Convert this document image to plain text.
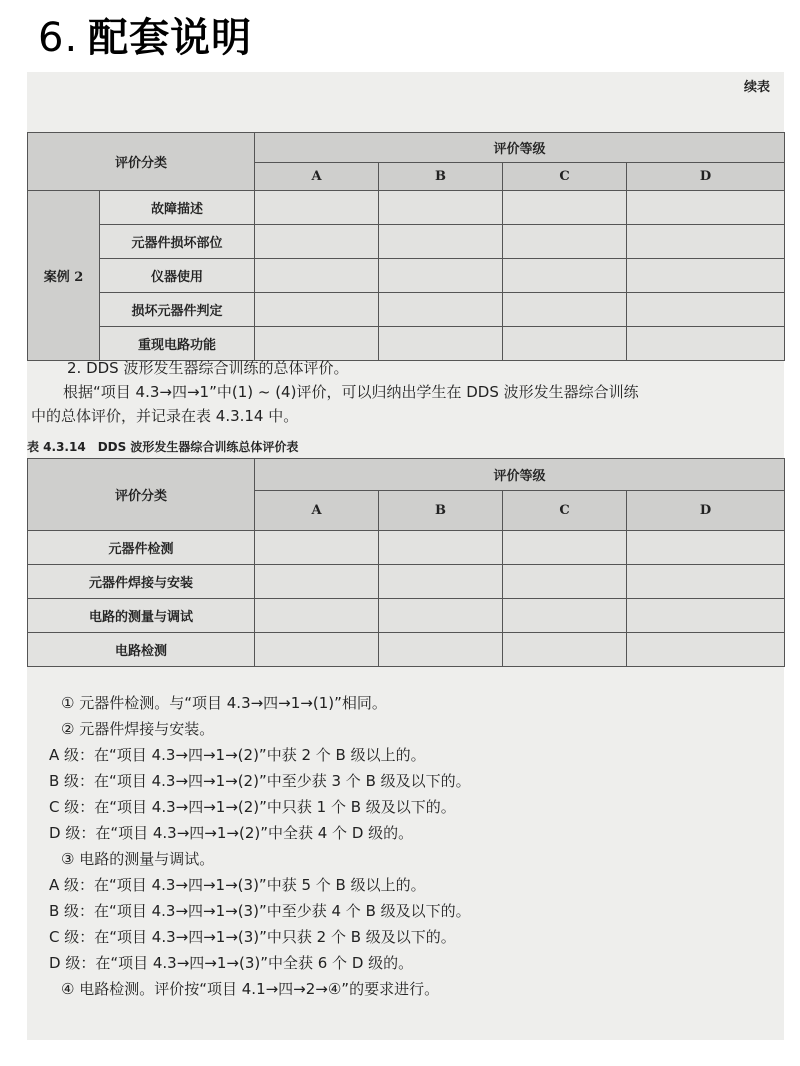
6. 配套说明
续表
评价分类		评价等级			
		A	B	C	D
案例 2	故障描述				
	元器件损坏部位				
	仪器使用				
	损坏元器件判定				
	重现电路功能				
2. DDS 波形发生器综合训练的总体评价。
根据“项目 4.3→四→1”中(1) ~ (4)评价，可以归纳出学生在 DDS 波形发生器综合训练
中的总体评价，并记录在表 4.3.14 中。
表 4.3.14　DDS 波形发生器综合训练总体评价表
评价分类	评价等级			
	A	B	C	D
元器件检测				
元器件焊接与安装				
电路的测量与调试				
电路检测				
① 元器件检测。与“项目 4.3→四→1→(1)”相同。
② 元器件焊接与安装。
A 级：在“项目 4.3→四→1→(2)”中获 2 个 B 级以上的。
B 级：在“项目 4.3→四→1→(2)”中至少获 3 个 B 级及以下的。
C 级：在“项目 4.3→四→1→(2)”中只获 1 个 B 级及以下的。
D 级：在“项目 4.3→四→1→(2)”中全获 4 个 D 级的。
③ 电路的测量与调试。
A 级：在“项目 4.3→四→1→(3)”中获 5 个 B 级以上的。
B 级：在“项目 4.3→四→1→(3)”中至少获 4 个 B 级及以下的。
C 级：在“项目 4.3→四→1→(3)”中只获 2 个 B 级及以下的。
D 级：在“项目 4.3→四→1→(3)”中全获 6 个 D 级的。
④ 电路检测。评价按“项目 4.1→四→2→④”的要求进行。
